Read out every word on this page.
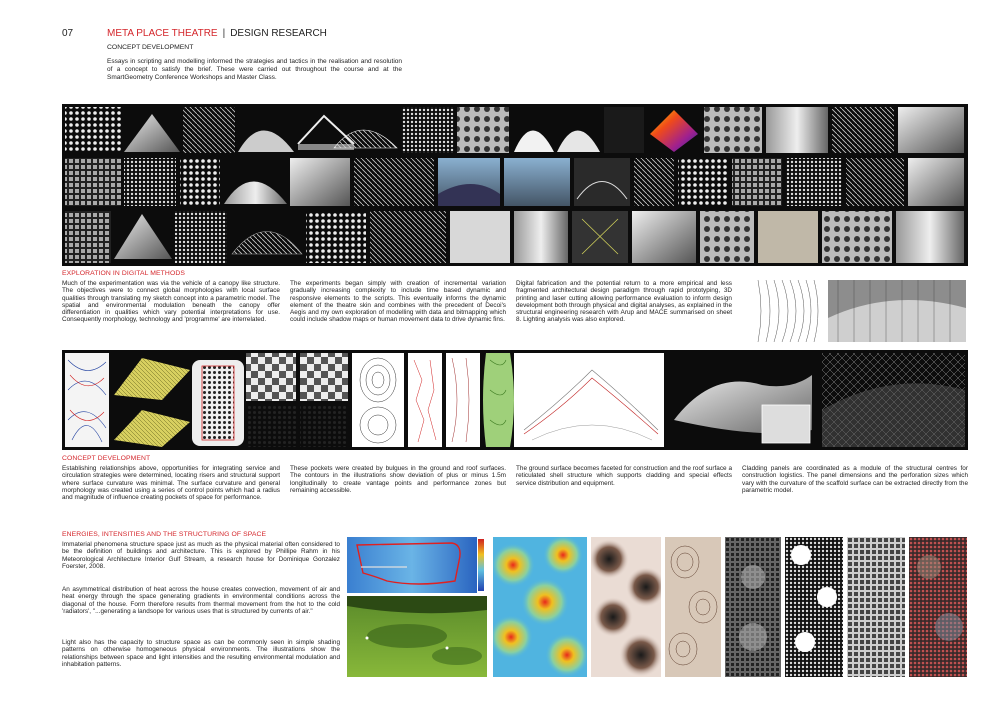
07	META PLACE THEATRE | DESIGN RESEARCH
CONCEPT DEVELOPMENT
Essays in scripting and modelling informed the strategies and tactics in the realisation and resolution of a concept to satisfy the brief. These were carried out throughout the course and at the SmartGeometry Conference Workshops and Master Class.
EXPLORATION IN DIGITAL METHODS
Much of the experimentation was via the vehicle of a canopy like structure. The objectives were to connect global morphologies with local surface qualities through translating my sketch concept into a parametric model. The spatial and environmental modulation beneath the canopy offer differentiation in qualities which vary potential interpretations for use. Consequently morphology, technology and 'programme' are interrelated.
The experiments began simply with creation of incremental variation gradually increasing complexity to include time based dynamic and responsive elements to the scripts. This eventually informs the dynamic element of the theatre skin and combines with the precedent of Decoi's Aegis and my own exploration of modelling with data and bitmapping which could include shadow maps or human movement data to drive dynamic fins.
Digital fabrication and the potential return to a more empirical and less fragmented architectural design paradigm through rapid prototyping, 3D printing and laser cutting allowing performance evaluation to inform design development both through physical and digital analyses, as explained in the structural engineering research with Arup and MACE summarised on sheet 8. Lighting analysis was also explored.
CONCEPT DEVELOPMENT
Establishing relationships above, opportunities for integrating service and circulation strategies were determined, locating risers and structural support where surface curvature was minimal. The surface curvature and general morphology was created using a series of control points which had a radius and magnitude of influence creating pockets of space for performance.
These pockets were created by bulgues in the ground and roof surfaces. The contours in the illustrations show deviation of plus or minus 1.5m longitudinally to create vantage points and performance zones but remaining accessible.
The ground surface becomes faceted for construction and the roof surface a reticulated shell structure which supports cladding and special effects service distribution and equipment.
Cladding panels are coordinated as a module of the structural centres for construction logistics. The panel dimensions and the perforation sizes which vary with the curvature of the scaffold surface can be extracted directly from the parametric model.
ENERGIES, INTENSITIES AND THE STRUCTURING OF SPACE
Immaterial phenomena structure space just as much as the physical material often considered to be the definition of buildings and architecture. This is explored by Phillipe Rahm in his Meteorological Architecture Interior Gulf Stream, a research house for Dominique Gonzalez Foerster, 2008.
An asymmetrical distribution of heat across the house creates convection, movement of air and heat energy through the space generating gradients in environmental conditions across the diagonal of the house. Form therefore results from thermal movement from the hot to the cold 'radiators', "...generating a landsope for various uses that is structured by currents of air."
Light also has the capacity to structure space as can be commonly seen in simple shading patterns on otherwise homogeneous physical environments. The illustrations show the relationships between space and light intensities and the resulting environmental modulation and inhabitation patterns.
